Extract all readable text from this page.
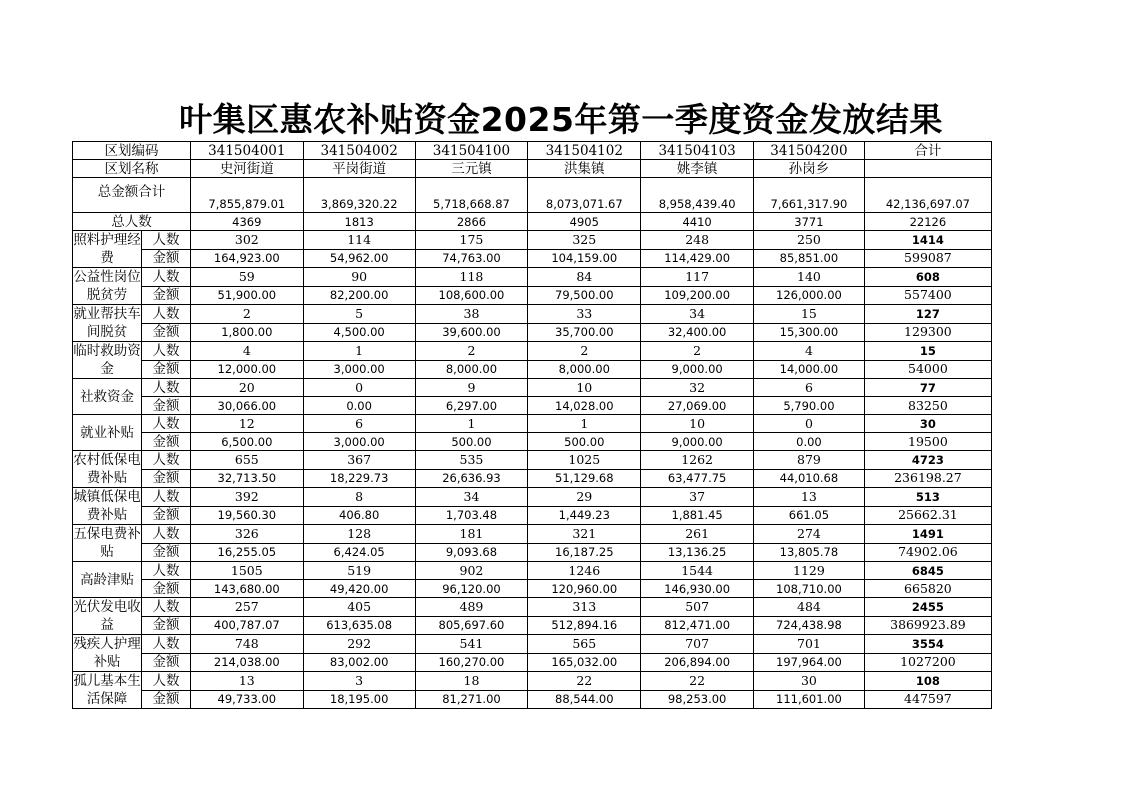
叶集区惠农补贴资金2025年第一季度资金发放结果
区划编码		341504001	341504002	341504100	341504102	341504103	341504200	合计
区划名称		史河街道	平岗街道	三元镇	洪集镇	姚李镇	孙岗乡	
总金额合计		7,855,879.01	3,869,320.22	5,718,668.87	8,073,071.67	8,958,439.40	7,661,317.90	42,136,697.07
总人数		4369	1813	2866	4905	4410	3771	22126
照料护理经费	人数	302	114	175	325	248	250	1414
	金额	164,923.00	54,962.00	74,763.00	104,159.00	114,429.00	85,851.00	599087
公益性岗位脱贫劳	人数	59	90	118	84	117	140	608
	金额	51,900.00	82,200.00	108,600.00	79,500.00	109,200.00	126,000.00	557400
就业帮扶车间脱贫	人数	2	5	38	33	34	15	127
	金额	1,800.00	4,500.00	39,600.00	35,700.00	32,400.00	15,300.00	129300
临时救助资金	人数	4	1	2	2	2	4	15
	金额	12,000.00	3,000.00	8,000.00	8,000.00	9,000.00	14,000.00	54000
社救资金	人数	20	0	9	10	32	6	77
	金额	30,066.00	0.00	6,297.00	14,028.00	27,069.00	5,790.00	83250
就业补贴	人数	12	6	1	1	10	0	30
	金额	6,500.00	3,000.00	500.00	500.00	9,000.00	0.00	19500
农村低保电费补贴	人数	655	367	535	1025	1262	879	4723
	金额	32,713.50	18,229.73	26,636.93	51,129.68	63,477.75	44,010.68	236198.27
城镇低保电费补贴	人数	392	8	34	29	37	13	513
	金额	19,560.30	406.80	1,703.48	1,449.23	1,881.45	661.05	25662.31
五保电费补贴	人数	326	128	181	321	261	274	1491
	金额	16,255.05	6,424.05	9,093.68	16,187.25	13,136.25	13,805.78	74902.06
高龄津贴	人数	1505	519	902	1246	1544	1129	6845
	金额	143,680.00	49,420.00	96,120.00	120,960.00	146,930.00	108,710.00	665820
光伏发电收益	人数	257	405	489	313	507	484	2455
	金额	400,787.07	613,635.08	805,697.60	512,894.16	812,471.00	724,438.98	3869923.89
残疾人护理补贴	人数	748	292	541	565	707	701	3554
	金额	214,038.00	83,002.00	160,270.00	165,032.00	206,894.00	197,964.00	1027200
孤儿基本生活保障	人数	13	3	18	22	22	30	108
	金额	49,733.00	18,195.00	81,271.00	88,544.00	98,253.00	111,601.00	447597
